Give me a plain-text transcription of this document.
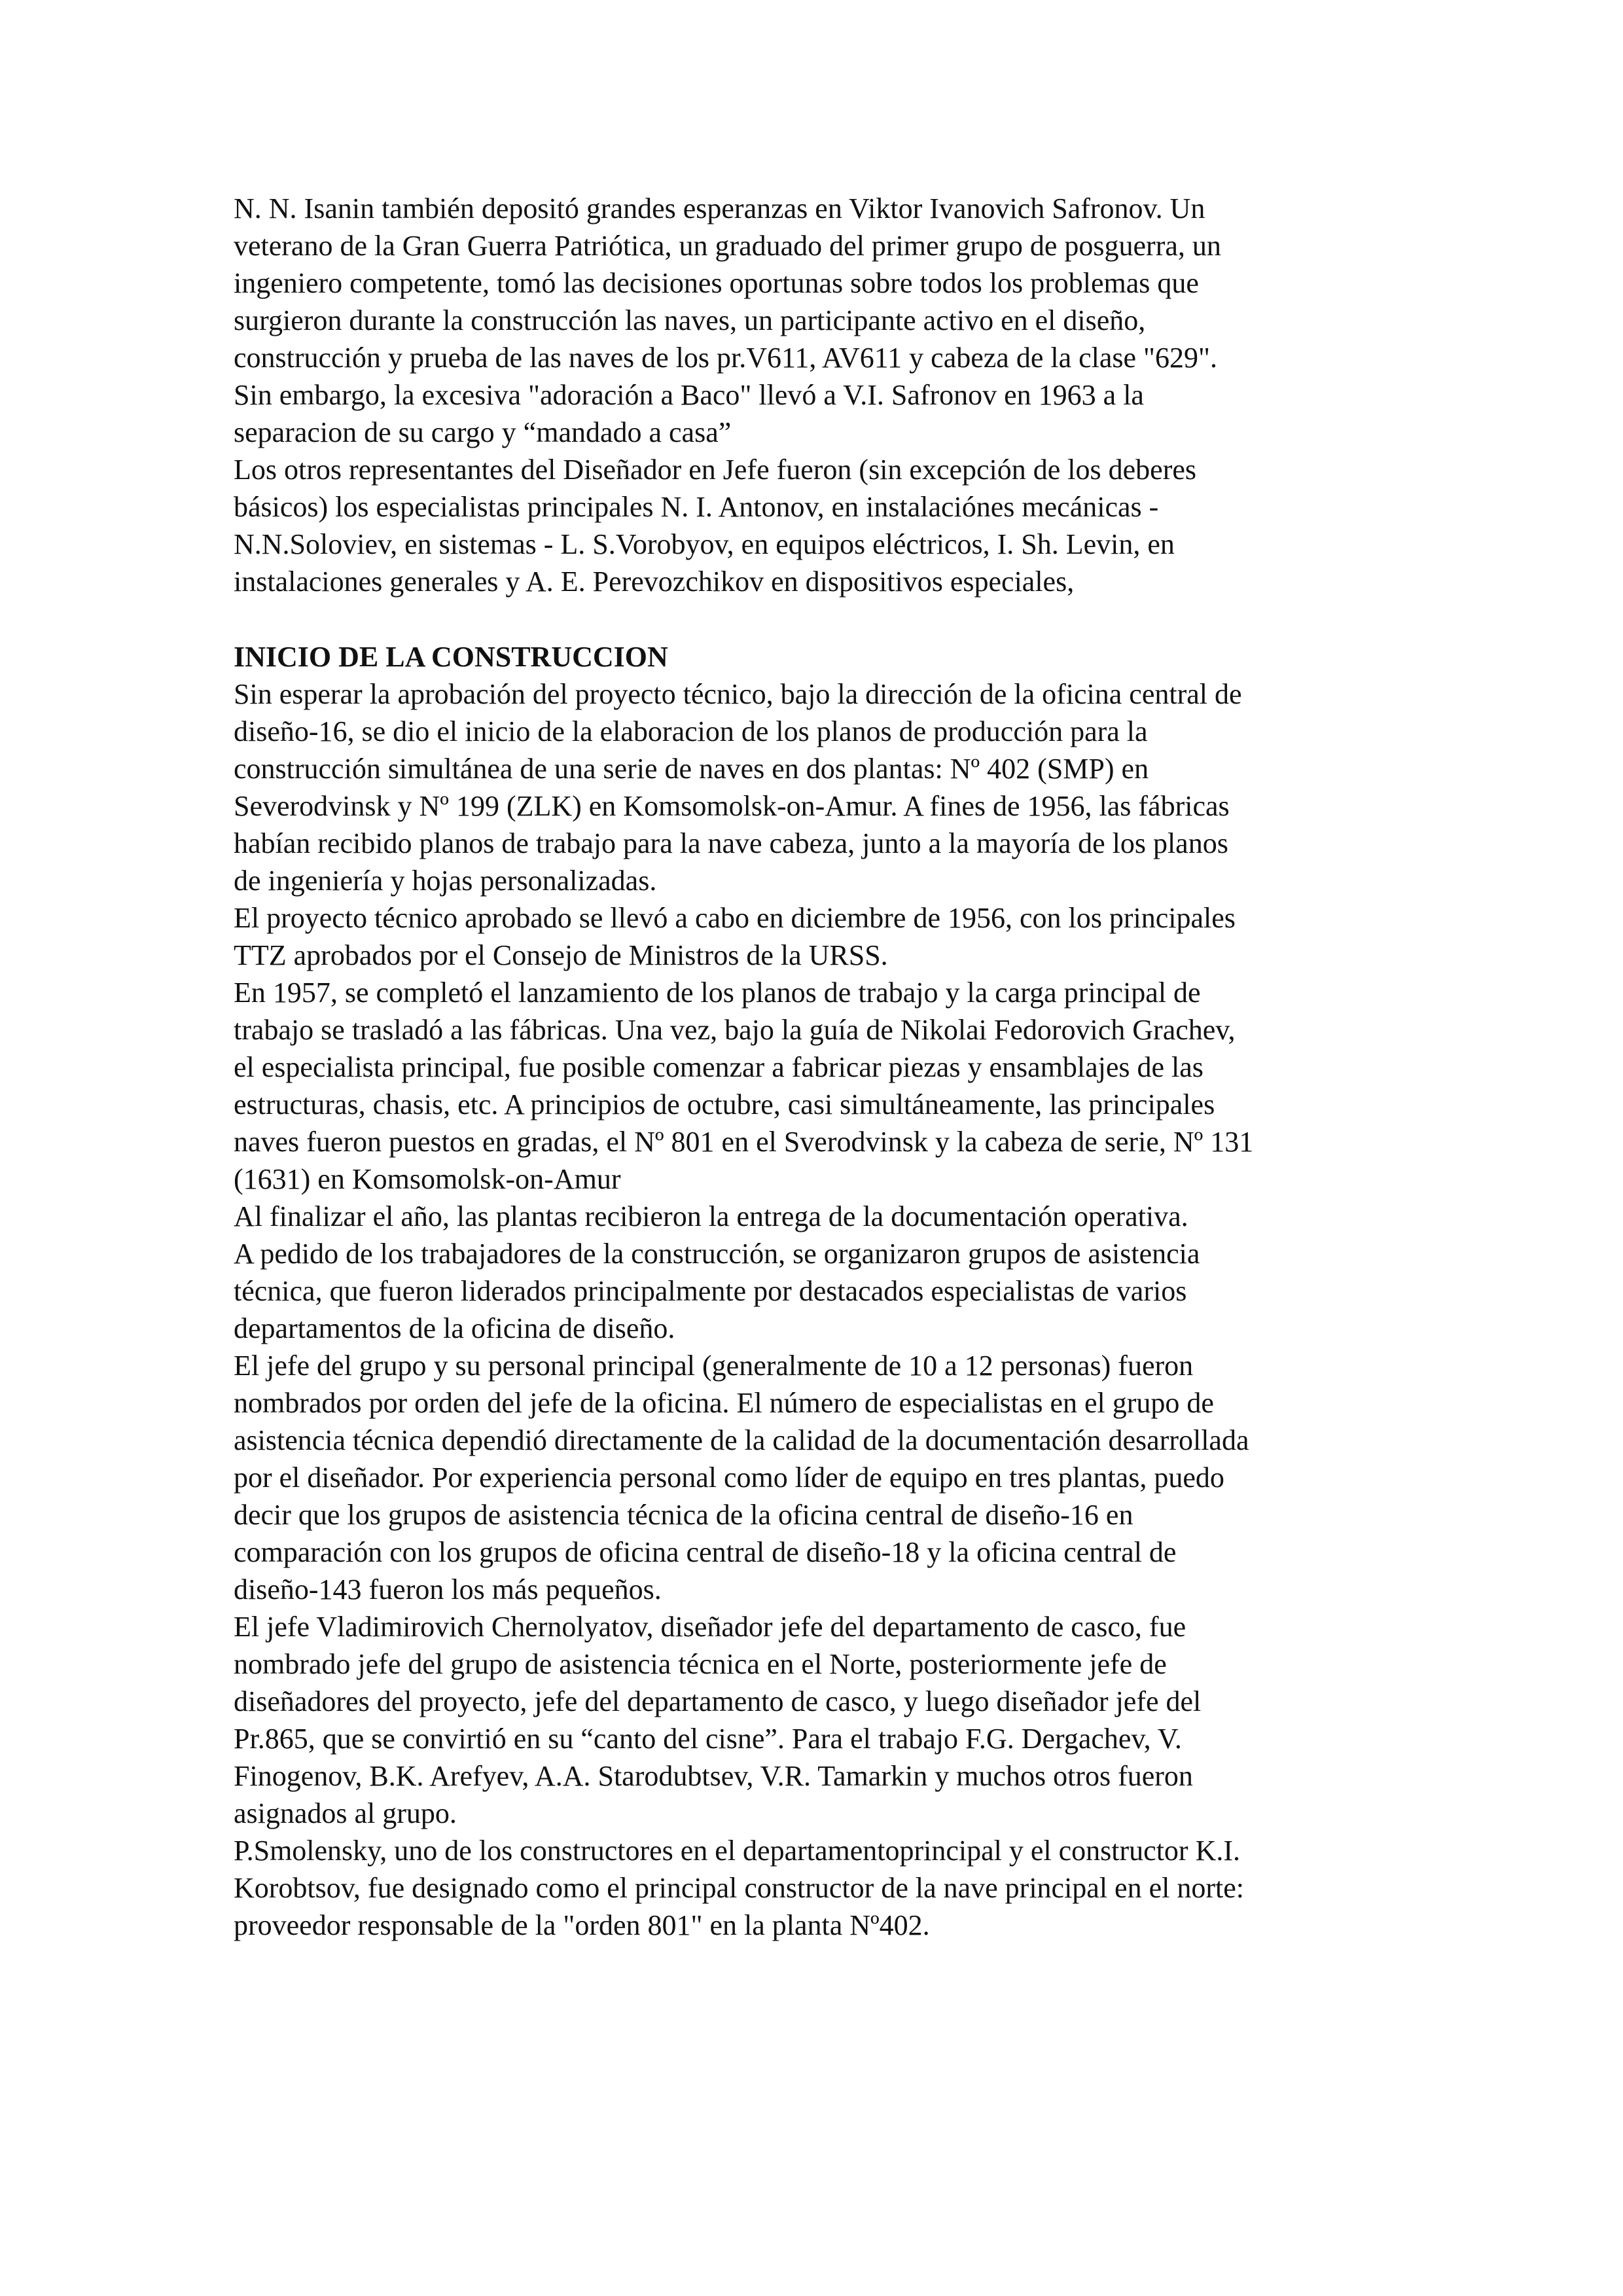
N. N. Isanin también depositó grandes esperanzas en Viktor Ivanovich Safronov. Un
veterano de la Gran Guerra Patriótica, un graduado del primer grupo de posguerra, un
ingeniero competente, tomó las decisiones oportunas sobre todos los problemas que
surgieron durante la construcción las naves, un participante activo en el diseño,
construcción y prueba de las naves de los pr.V611, AV611 y cabeza de la clase "629".
Sin embargo, la excesiva "adoración a Baco" llevó a V.I. Safronov en 1963 a la
separacion de su cargo y “mandado a casa”
Los otros representantes del Diseñador en Jefe fueron (sin excepción de los deberes
básicos) los especialistas principales N. I. Antonov, en instalaciónes mecánicas -
N.N.Soloviev, en sistemas - L. S.Vorobyov, en equipos eléctricos, I. Sh. Levin, en
instalaciones generales y A. E. Perevozchikov en dispositivos especiales,
INICIO DE LA CONSTRUCCION
Sin esperar la aprobación del proyecto técnico, bajo la dirección de la oficina central de
diseño-16, se dio el inicio de la elaboracion de los planos de producción para la
construcción simultánea de una serie de naves en dos plantas: Nº 402 (SMP) en
Severodvinsk y Nº 199 (ZLK) en Komsomolsk-on-Amur. A fines de 1956, las fábricas
habían recibido planos de trabajo para la nave cabeza, junto a la mayoría de los planos
de ingeniería y hojas personalizadas.
El proyecto técnico aprobado se llevó a cabo en diciembre de 1956, con los principales
TTZ aprobados por el Consejo de Ministros de la URSS.
En 1957, se completó el lanzamiento de los planos de trabajo y la carga principal de
trabajo se trasladó a las fábricas. Una vez, bajo la guía de Nikolai Fedorovich Grachev,
el especialista principal, fue posible comenzar a fabricar piezas y ensamblajes de las
estructuras, chasis, etc. A principios de octubre, casi simultáneamente, las principales
naves fueron puestos en gradas, el Nº 801 en el Sverodvinsk y la cabeza de serie, Nº 131
(1631) en Komsomolsk-on-Amur
Al finalizar el año, las plantas recibieron la entrega de la documentación operativa.
A pedido de los trabajadores de la construcción, se organizaron grupos de asistencia
técnica, que fueron liderados principalmente por destacados especialistas de varios
departamentos de la oficina de diseño.
El jefe del grupo y su personal principal (generalmente de 10 a 12 personas) fueron
nombrados por orden del jefe de la oficina. El número de especialistas en el grupo de
asistencia técnica dependió directamente de la calidad de la documentación desarrollada
por el diseñador. Por experiencia personal como líder de equipo en tres plantas, puedo
decir que los grupos de asistencia técnica de la oficina central de diseño-16 en
comparación con los grupos de oficina central de diseño-18 y la oficina central de
diseño-143 fueron los más pequeños.
El jefe Vladimirovich Chernolyatov, diseñador jefe del departamento de casco, fue
nombrado jefe del grupo de asistencia técnica en el Norte, posteriormente jefe de
diseñadores del proyecto, jefe del departamento de casco, y luego diseñador jefe del
Pr.865, que se convirtió en su “canto del cisne”. Para el trabajo F.G. Dergachev, V.
Finogenov, B.K. Arefyev, A.A. Starodubtsev, V.R. Tamarkin y muchos otros fueron
asignados al grupo.
P.Smolensky, uno de los constructores en el departamentoprincipal y el constructor K.I.
Korobtsov, fue designado como el principal constructor de la nave principal en el norte:
proveedor responsable de la "orden 801" en la planta Nº402.
